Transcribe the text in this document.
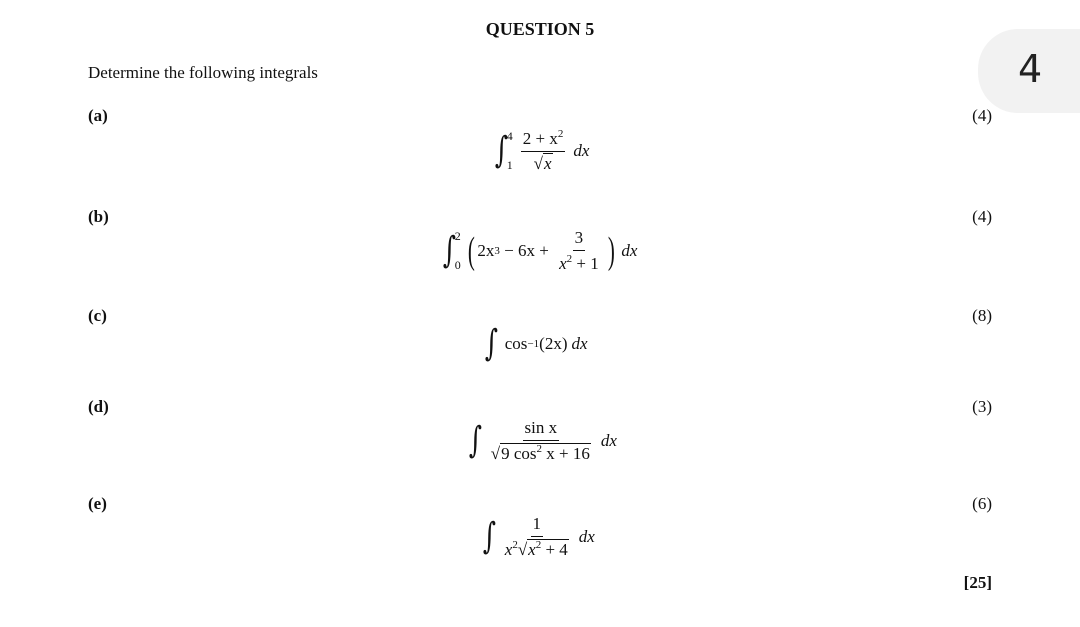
QUESTION 5
Determine the following integrals	4
(a)
(b)
(c)
(d)
(e)
(4)
(4)
(8)
(3)
(6)
[25]
∫
4
$1 \frac{2 + x^2}{√x}$ dx
∫
2
0 ( 2x $3 - 6x + \frac{3}{x^2 + 1}$ ) dx
∫ cos −1 (2x) dx
∫ $\frac{\text{sin x}}{√9 \cos^2 x + 16}$ dx
∫ $\frac{1}{x^2√x^2 + 4}$ dx
